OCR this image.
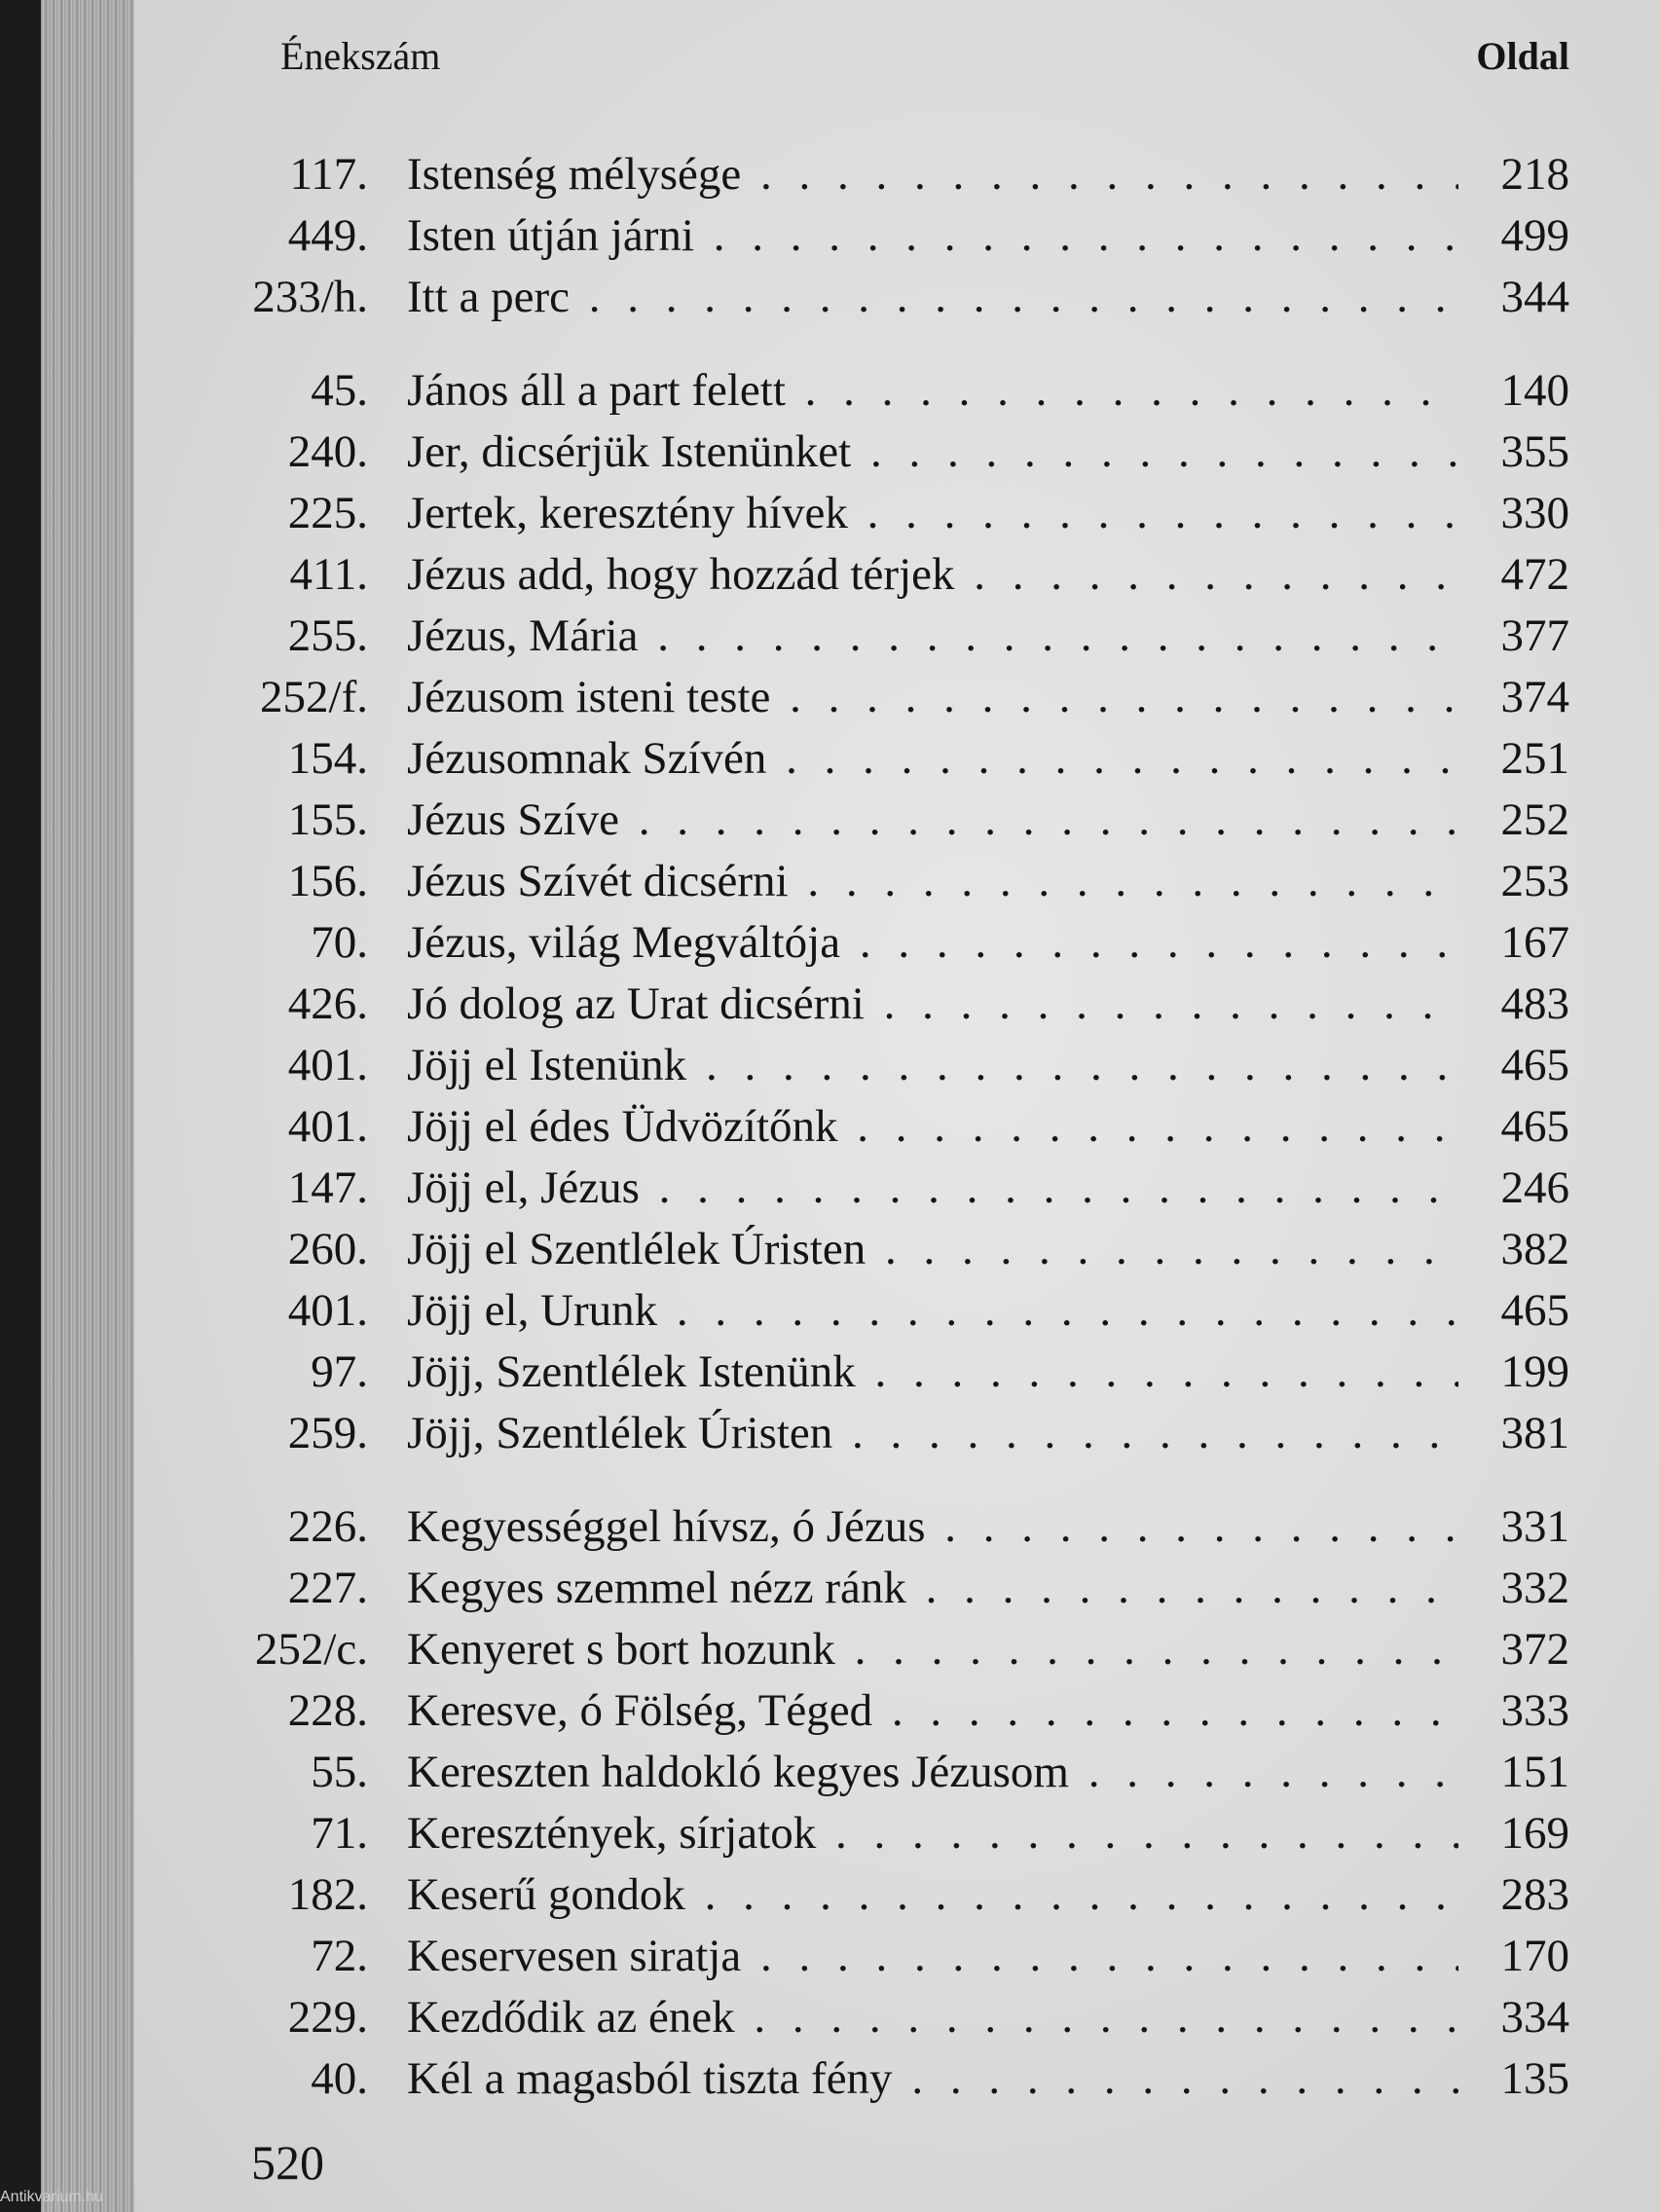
Énekszám	Oldal
117. Istenség mélysége . . .	218
449. Isten útján járni . . .	499
233/h. Itt a perc . . .	344
45. János áll a part felett . . .	140
240. Jer, dicsérjük Istenünket . . .	355
225. Jertek, keresztény hívek . . .	330
411. Jézus add, hogy hozzád térjek . . .	472
255. Jézus, Mária . . .	377
252/f. Jézusom isteni teste . . .	374
154. Jézusomnak Szívén . . .	251
155. Jézus Szíve . . .	252
156. Jézus Szívét dicsérni . . .	253
70. Jézus, világ Megváltója . . .	167
426. Jó dolog az Urat dicsérni . . .	483
401. Jöjj el Istenünk . . .	465
401. Jöjj el édes Üdvözítőnk . . .	465
147. Jöjj el, Jézus . . .	246
260. Jöjj el Szentlélek Úristen . . .	382
401. Jöjj el, Urunk . . .	465
97. Jöjj, Szentlélek Istenünk . . .	199
259. Jöjj, Szentlélek Úristen . . .	381
226. Kegyességgel hívsz, ó Jézus . . .	331
227. Kegyes szemmel nézz ránk . . .	332
252/c. Kenyeret s bort hozunk . . .	372
228. Keresve, ó Fölség, Téged . . .	333
55. Kereszten haldokló kegyes Jézusom . . .	151
71. Keresztények, sírjatok . . .	169
182. Keserű gondok . . .	283
72. Keservesen siratja . . .	170
229. Kezdődik az ének . . .	334
40. Kél a magasból tiszta fény . . .	135
520
Antikvarium.hu
